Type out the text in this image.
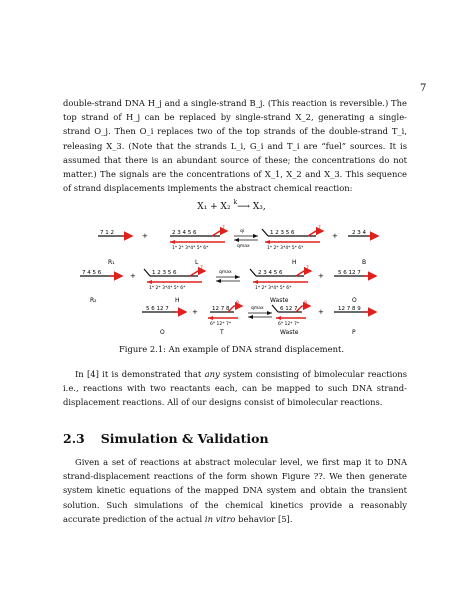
7

double-strand DNA H_j and a single-strand B_j. (This reaction is reversible.) The top strand of H_j can be replaced by single-strand X_2, generating a single-strand O_j. Then O_i replaces two of the top strands of the double-strand T_i, releasing X_3. (Note that the strands L_i, G_i and T_i are “fuel” sources. It is assumed that there is an abundant source of these; the concentrations do not matter.) The signals are the concentrations of X_1, X_2 and X_3. This sequence of strand displacements implements the abstract chemical reaction:

X₁ + X₂ $^k$⟶ X₃,
7 1 2
R₁
+	2 3 4 5 6
7
1* 2* 3*4* 5* 6*
L
qi
qmax
1 2 3 5 6
7
1* 2* 3*4* 5* 6*
H
+	2 3 4
B
7 4 5 6
R₂
+	1 2 3 5 6
7
1* 2* 3*4* 5* 6*
H
qmax	2 3 4 5 6
7
1* 2* 3*4* 5* 6*
Waste
+	5 6 12 7
O
5 6 12 7
O
+	12 7 8
9
6* 12* 7*
T
qmax	6 12 7
8
6* 12* 7*
Waste
+	12 7 8 9
P
Figure 2.1: An example of DNA strand displacement.

In [4] it is demonstrated that any system consisting of bimolecular reactions i.e., reactions with two reactants each, can be mapped to such DNA strand-displacement reactions. All of our designs consist of bimolecular reactions.

2.3 Simulation & Validation

Given a set of reactions at abstract molecular level, we first map it to DNA strand-displacement reactions of the form shown Figure ??. We then generate system kinetic equations of the mapped DNA system and obtain the transient solution. Such simulations of the chemical kinetics provide a reasonably accurate prediction of the actual in vitro behavior [5].
